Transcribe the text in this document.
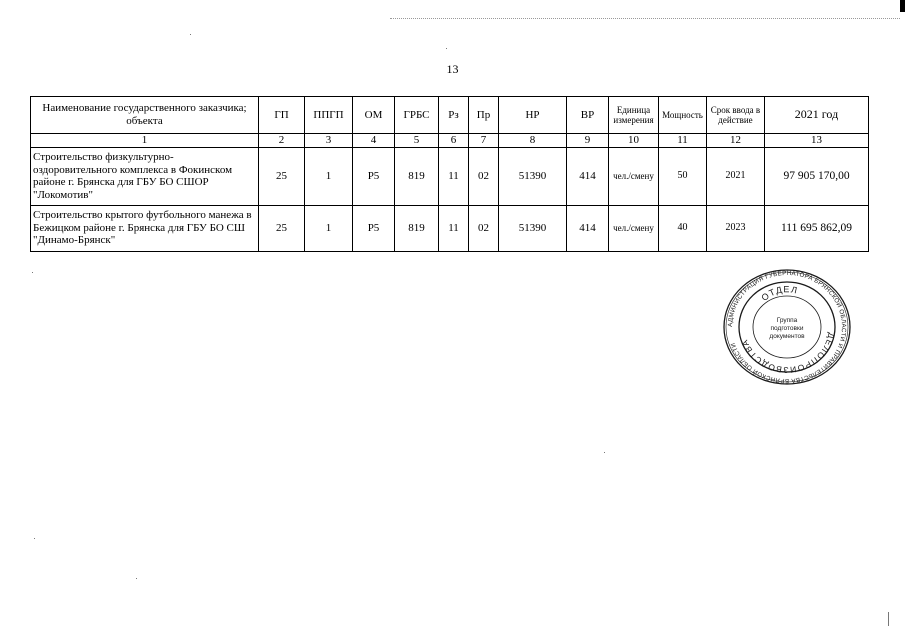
13
Наименование государственного заказчика; объекта	ГП	ППГП	ОМ	ГРБС	Рз	Пр	НР	ВР	Единица измерения	Мощность	Срок ввода в действие	2021 год
1	2	3	4	5	6	7	8	9	10	11	12	13
Строительство физкультурно-оздоровительного комплекса в Фокинском районе г. Брянска для ГБУ БО СШОР "Локомотив"	25	1	Р5	819	11	02	51390	414	чел./смену	50	2021	97 905 170,00
Строительство крытого футбольного манежа в Бежицком районе г. Брянска для ГБУ БО СШ "Динамо-Брянск"	25	1	Р5	819	11	02	51390	414	чел./смену	40	2023	111 695 862,09
АДМИНИСТРАЦИЯ ГУБЕРНАТОРА БРЯНСКОЙ ОБЛАСТИ И ПРАВИТЕЛЬСТВА БРЯНСКОЙ ОБЛАСТИ
ОТДЕЛ
ДЕЛОПРОИЗВОДСТВА
Группа
подготовки
документов
